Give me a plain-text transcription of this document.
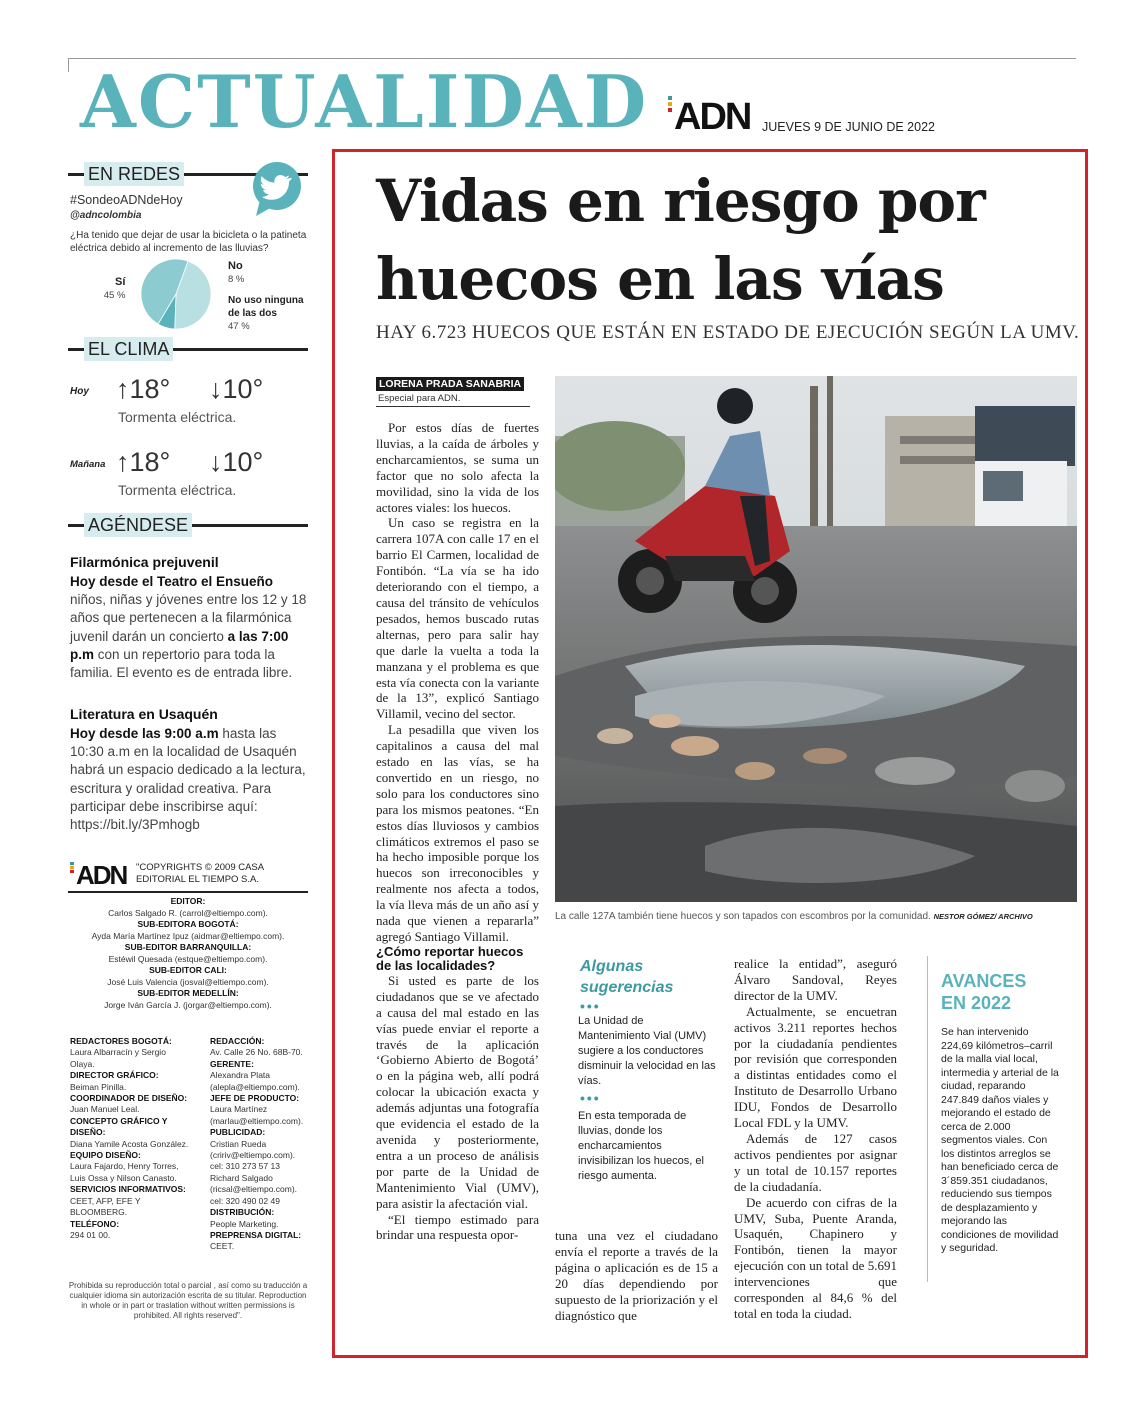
ACTUALIDAD ADN JUEVES 9 DE JUNIO DE 2022
EN REDES
#SondeoADNdeHoy
@adncolombia
¿Ha tenido que dejar de usar la bicicleta o la patineta eléctrica debido al incremento de las lluvias?
Sí
45 %
No
8 %
No uso ninguna de las dos
47 %
EL CLIMA
Hoy ↑18° ↓10°
Tormenta eléctrica.
Mañana ↑18° ↓10°
Tormenta eléctrica.
AGÉNDESE
Filarmónica prejuvenil
Hoy desde el Teatro el Ensueño niños, niñas y jóvenes entre los 12 y 18 años que pertenecen a la filarmónica juvenil darán un concierto a las 7:00 p.m con un repertorio para toda la familia. El evento es de entrada libre.
Literatura en Usaquén
Hoy desde las 9:00 a.m hasta las 10:30 a.m en la localidad de Usaquén habrá un espacio dedicado a la lectura, escritura y oralidad creativa. Para participar debe inscribirse aquí: https://bit.ly/3Pmhogb
ADN "COPYRIGHTS © 2009 CASA
EDITORIAL EL TIEMPO S.A.
EDITOR:
Carlos Salgado R. (carrol@eltiempo.com).
SUB-EDITORA BOGOTÁ:
Ayda María Martínez Ipuz (aidmar@eltiempo.com).
SUB-EDITOR BARRANQUILLA:
Estéwil Quesada (estque@eltiempo.com).
SUB-EDITOR CALI:
José Luis Valencia (josval@eltiempo.com).
SUB-EDITOR MEDELLÍN:
Jorge Iván García J. (jorgar@eltiempo.com).
REDACTORES BOGOTÁ:
Laura Albarracín y Sergio Olaya.
DIRECTOR GRÁFICO:
Beiman Pinilla.
COORDINADOR DE DISEÑO:
Juan Manuel Leal.
CONCEPTO GRÁFICO Y DISEÑO:
Diana Yamile Acosta González.
EQUIPO DISEÑO:
Laura Fajardo, Henry Torres, Luis Ossa y Nilson Canasto.
SERVICIOS INFORMATIVOS:
CEET, AFP, EFE Y BLOOMBERG.
TELÉFONO:
294 01 00.
REDACCIÓN:
Av. Calle 26 No. 68B-70.
GERENTE:
Alexandra Plata (alepla@eltiempo.com).
JEFE DE PRODUCTO:
Laura Martínez (marlau@eltiempo.com).
PUBLICIDAD:
Cristian Rueda (cririv@eltiempo.com). cel: 310 273 57 13 Richard Salgado (ricsal@eltiempo.com). cel: 320 490 02 49
DISTRIBUCIÓN:
People Marketing.
PREPRENSA DIGITAL:
CEET.
Prohibida su reproducción total o parcial , así como su traducción a cualquier idioma sin autorización escrita de su titular. Reproduction in whole or in part or traslation without written permissions is prohibited. All rights reserved".
Vidas en riesgo por huecos en las vías
HAY 6.723 HUECOS QUE ESTÁN EN ESTADO DE EJECUCIÓN SEGÚN LA UMV.
LORENA PRADA SANABRIA
Especial para ADN.

Por estos días de fuertes lluvias, a la caída de árboles y encharcamientos, se suma un factor que no solo afecta la movilidad, sino la vida de los actores viales: los huecos.

Un caso se registra en la carrera 107A con calle 17 en el barrio El Carmen, localidad de Fontibón. “La vía se ha ido deteriorando con el tiempo, a causa del tránsito de vehículos pesados, hemos buscado rutas alternas, pero para salir hay que darle la vuelta a toda la manzana y el problema es que esta vía conecta con la variante de la 13”, explicó Santiago Villamil, vecino del sector.

La pesadilla que viven los capitalinos a causa del mal estado en las vías, se ha convertido en un riesgo, no solo para los conductores sino para los mismos peatones. “En estos días lluviosos y cambios climáticos extremos el paso se ha hecho imposible porque los huecos son irreconocibles y realmente nos afecta a todos, la vía lleva más de un año así y nada que vienen a repararla” agregó Santiago Villamil.

¿Cómo reportar huecos de las localidades?

Si usted es parte de los ciudadanos que se ve afectado a causa del mal estado en las vías puede enviar el reporte a través de la aplicación ‘Gobierno Abierto de Bogotá’ o en la página web, allí podrá colocar la ubicación exacta y además adjuntas una fotografía que evidencia el estado de la avenida y posteriormente, entra a un proceso de análisis por parte de la Unidad de Mantenimiento Vial (UMV), para asistir la afectación vial.

“El tiempo estimado para brindar una respuesta opor-

La calle 127A también tiene huecos y son tapados con escombros por la comunidad. NESTOR GÓMEZ/ ARCHIVO
Algunas sugerencias
•••
La Unidad de Mantenimiento Vial (UMV) sugiere a los conductores disminuir la velocidad en las vías.
•••
En esta temporada de lluvias, donde los encharcamientos invisibilizan los huecos, el riesgo aumenta.

tuna una vez el ciudadano envía el reporte a través de la página o aplicación es de 15 a 20 días dependiendo por supuesto de la priorización y el diagnóstico que

realice la entidad”, aseguró Álvaro Sandoval, Reyes director de la UMV.

Actualmente, se encuetran activos 3.211 reportes hechos por la ciudadanía pendientes por revisión que corresponden a distintas entidades como el Instituto de Desarrollo Urbano IDU, Fondos de Desarrollo Local FDL y la UMV.

Además de 127 casos activos pendientes por asignar y un total de 10.157 reportes de la ciudadanía.

De acuerdo con cifras de la UMV, Suba, Puente Aranda, Usaquén, Chapinero y Fontibón, tienen la mayor ejecución con un total de 5.691 intervenciones que corresponden al 84,6 % del total en toda la ciudad.

AVANCES EN 2022
Se han intervenido 224,69 kilómetros–carril de la malla vial local, intermedia y arterial de la ciudad, reparando 247.849 daños viales y mejorando el estado de cerca de 2.000 segmentos viales. Con los distintos arreglos se han beneficiado cerca de 3´859.351 ciudadanos, reduciendo sus tiempos de desplazamiento y mejorando las condiciones de movilidad y seguridad.
